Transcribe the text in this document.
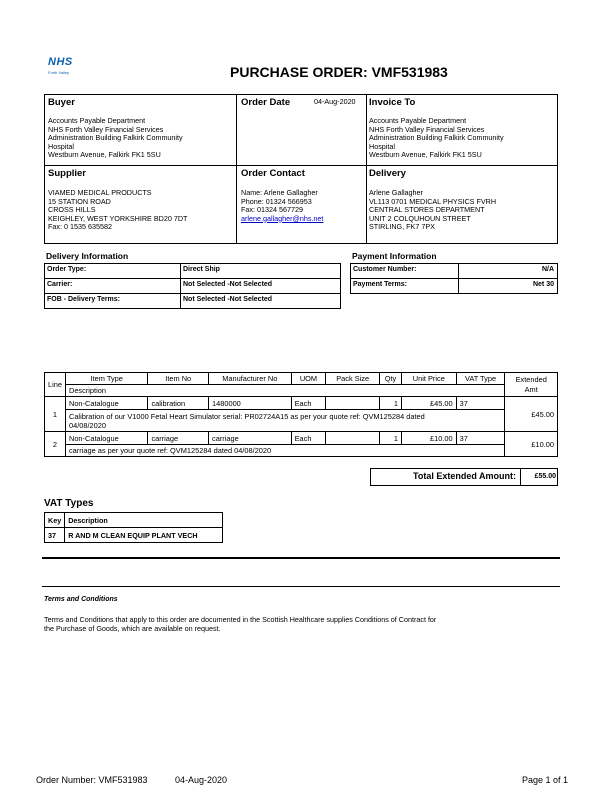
NHS
Forth Valley	PURCHASE ORDER: VMF531983
Buyer
Accounts Payable Department
NHS Forth Valley Financial Services
Administration Building Falkirk Community
Hospital
Westburn Avenue, Falkirk FK1 5SU
Order Date	04-Aug-2020 Invoice To
Accounts Payable Department
NHS Forth Valley Financial Services
Administration Building Falkirk Community
Hospital
Westburn Avenue, Falkirk FK1 5SU
Supplier
VIAMED MEDICAL PRODUCTS
15 STATION ROAD
CROSS HILLS
KEIGHLEY, WEST YORKSHIRE BD20 7DT
Fax: 0 1535 635582
Order Contact
Name: Arlene Gallagher
Phone: 01324 566953
Fax: 01324 567729
arlene.gallagher@nhs.net
Delivery
Arlene Gallagher
VL113 0701 MEDICAL PHYSICS FVRH
CENTRAL STORES DEPARTMENT
UNIT 2 COLQUHOUN STREET
STIRLING, FK7 7PX
Delivery Information
Order Type:	Direct Ship
Carrier:	Not Selected -Not Selected
FOB - Delivery Terms:	Not Selected -Not Selected
Payment Information
Customer Number:	N/A
Payment Terms:	Net 30
Line	Item Type	Item No	Manufacturer No	UOM	Pack Size	Qty	Unit Price	VAT Type	Extended Amt
	Description								
1	Non-Catalogue	calibration	1480000	Each		1	£45.00	37	£45.00

	Calibration of our V1000 Fetal Heart Simulator serial: PR02724A15 as per your quote ref: QVM125284 dated
04/08/2020								

2	Non-Catalogue	carriage	carriage	Each		1	£10.00	37	£10.00
	carriage as per your quote ref: QVM125284 dated 04/08/2020								
Total Extended Amount:	£55.00
VAT Types
Key	Description
37	R AND M CLEAN EQUIP PLANT VECH
Terms and Conditions
Terms and Conditions that apply to this order are documented in the Scottish Healthcare supplies Conditions of Contract for
the Purchase of Goods, which are available on request.
Order Number: VMF531983	04-Aug-2020	Page 1 of 1
